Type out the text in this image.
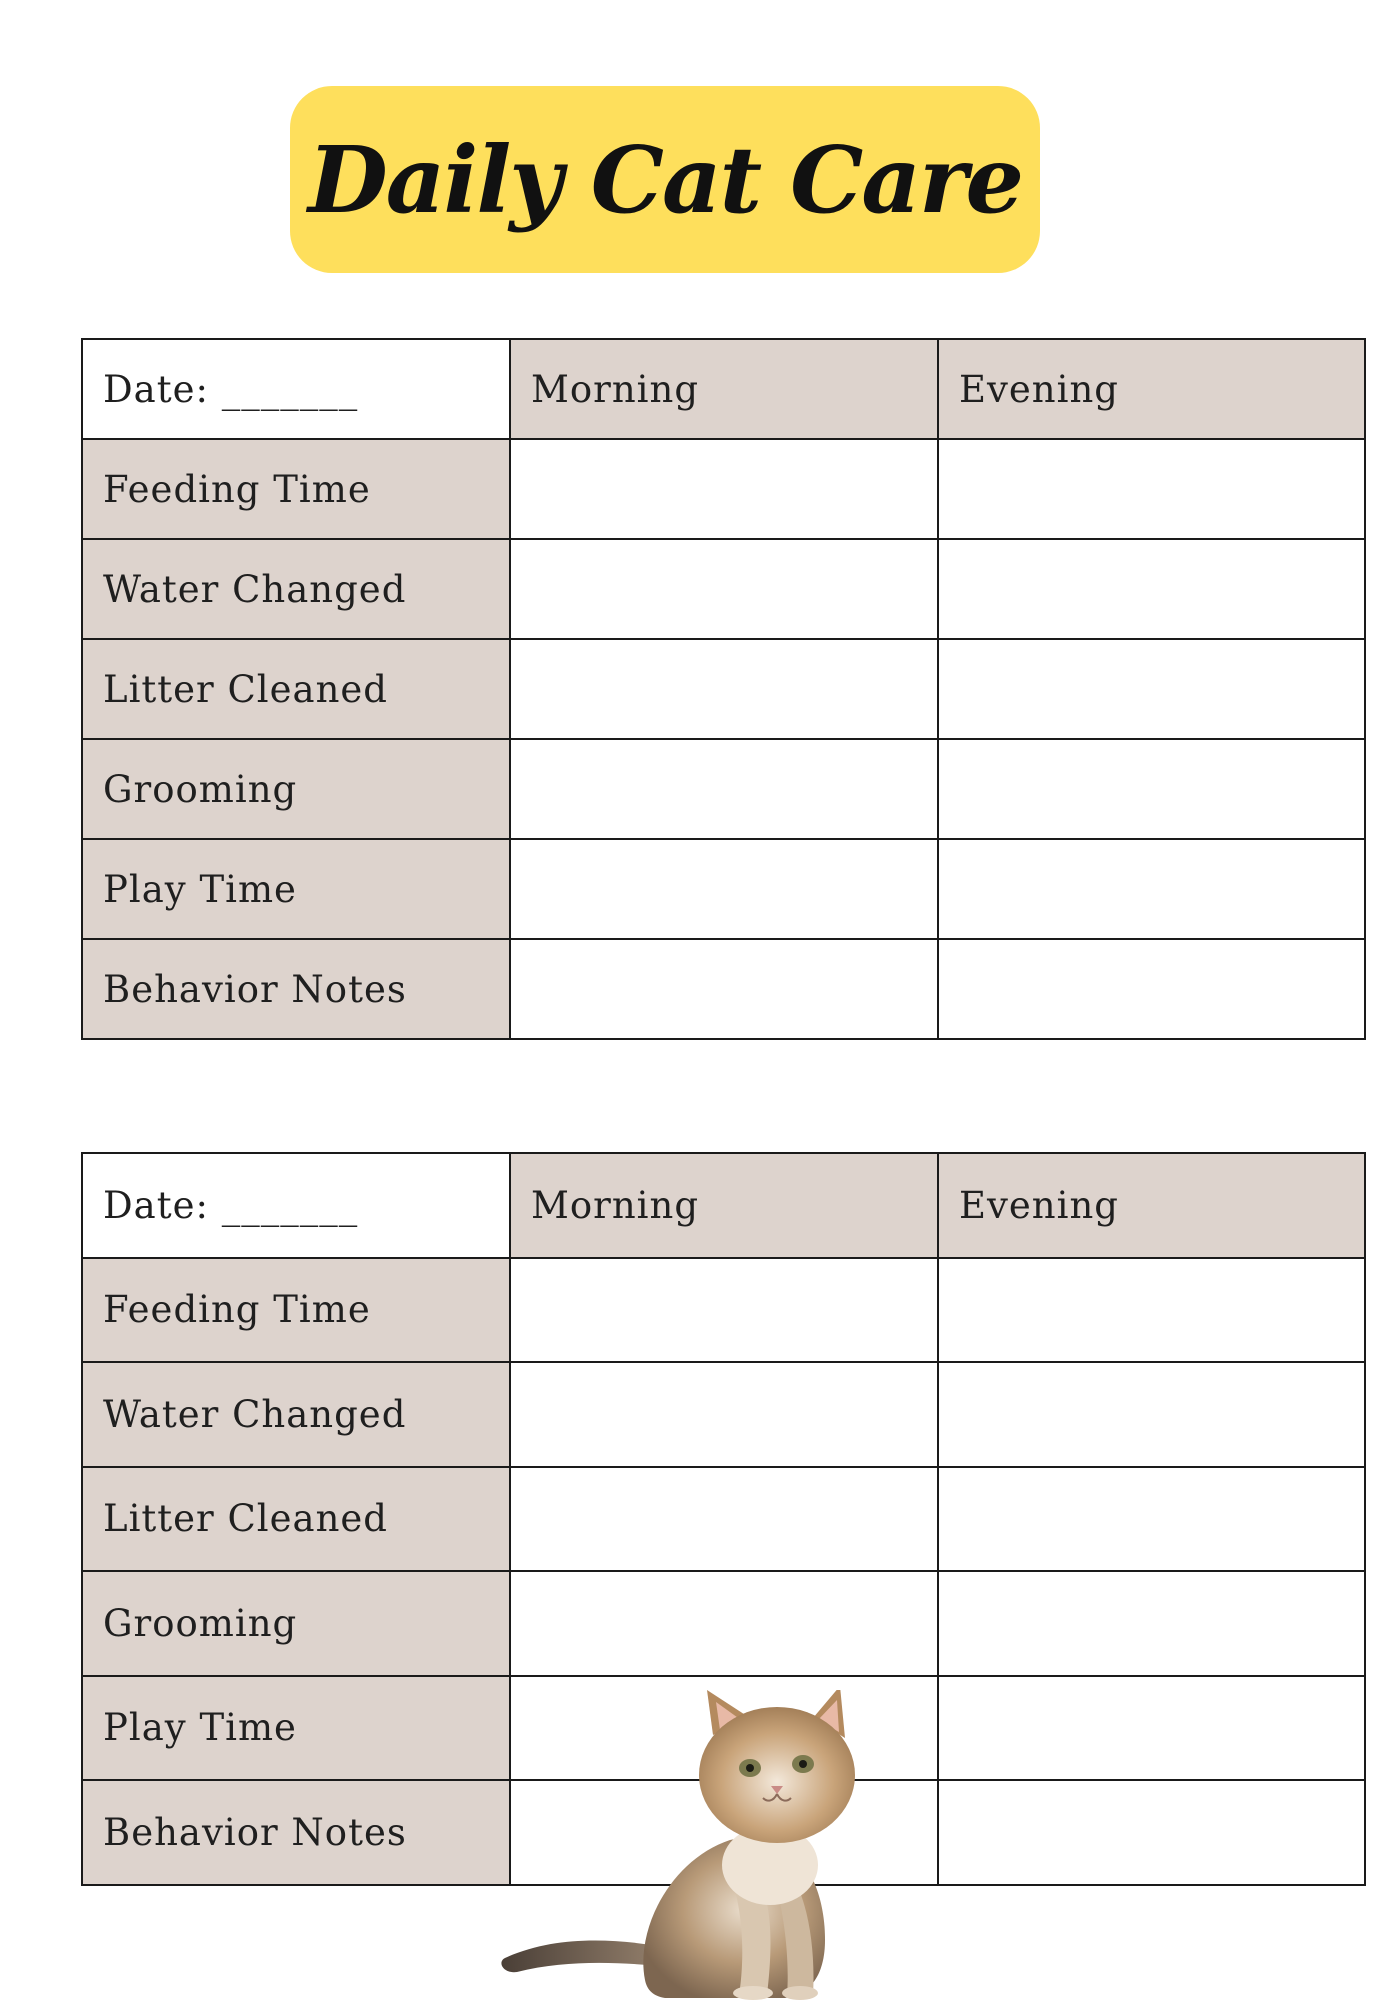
Daily Cat Care
Date: _______	Morning	Evening
Feeding Time		
Water Changed		
Litter Cleaned		
Grooming		
Play Time		
Behavior Notes		
Date: _______	Morning	Evening
Feeding Time		
Water Changed		
Litter Cleaned		
Grooming		
Play Time		
Behavior Notes		
